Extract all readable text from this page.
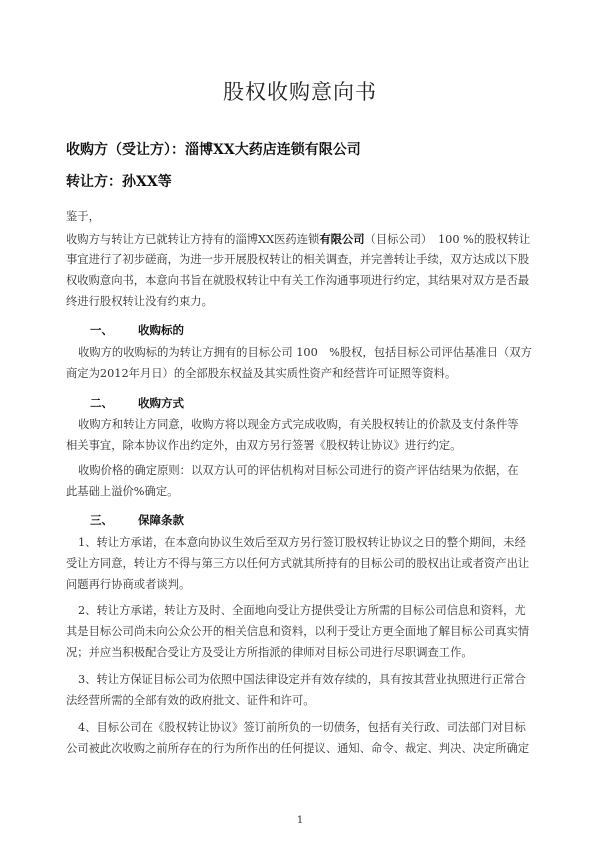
股权收购意向书
收购方（受让方）：淄博XX大药店连锁有限公司
转让方：孙XX等
鉴于，
收购方与转让方已就转让方持有的淄博XX医药连锁有限公司（目标公司）　100 %的股权转让
事宜进行了初步磋商，为进一步开展股权转让的相关调查，并完善转让手续，双方达成以下股
权收购意向书，本意向书旨在就股权转让中有关工作沟通事项进行约定，其结果对双方是否最
终进行股权转让没有约束力。
一、 收购标的
收购方的收购标的为转让方拥有的目标公司 100　%股权，包括目标公司评估基准日（双方
商定为2012年月日）的全部股东权益及其实质性资产和经营许可证照等资料。
二、 收购方式
收购方和转让方同意，收购方将以现金方式完成收购，有关股权转让的价款及支付条件等
相关事宜，除本协议作出约定外，由双方另行签署《股权转让协议》进行约定。
收购价格的确定原则：以双方认可的评估机构对目标公司进行的资产评估结果为依据，在
此基础上溢价%确定。
三、 保障条款
1、转让方承诺，在本意向协议生效后至双方另行签订股权转让协议之日的整个期间，未经
受让方同意，转让方不得与第三方以任何方式就其所持有的目标公司的股权出让或者资产出让
问题再行协商或者谈判。
2、转让方承诺，转让方及时、全面地向受让方提供受让方所需的目标公司信息和资料，尤
其是目标公司尚未向公众公开的相关信息和资料，以利于受让方更全面地了解目标公司真实情
况；并应当积极配合受让方及受让方所指派的律师对目标公司进行尽职调查工作。
3、转让方保证目标公司为依照中国法律设定并有效存续的，具有按其营业执照进行正常合
法经营所需的全部有效的政府批文、证件和许可。
4、目标公司在《股权转让协议》签订前所负的一切债务，包括有关行政、司法部门对目标
公司被此次收购之前所存在的行为所作出的任何提议、通知、命令、裁定、判决、决定所确定
1
